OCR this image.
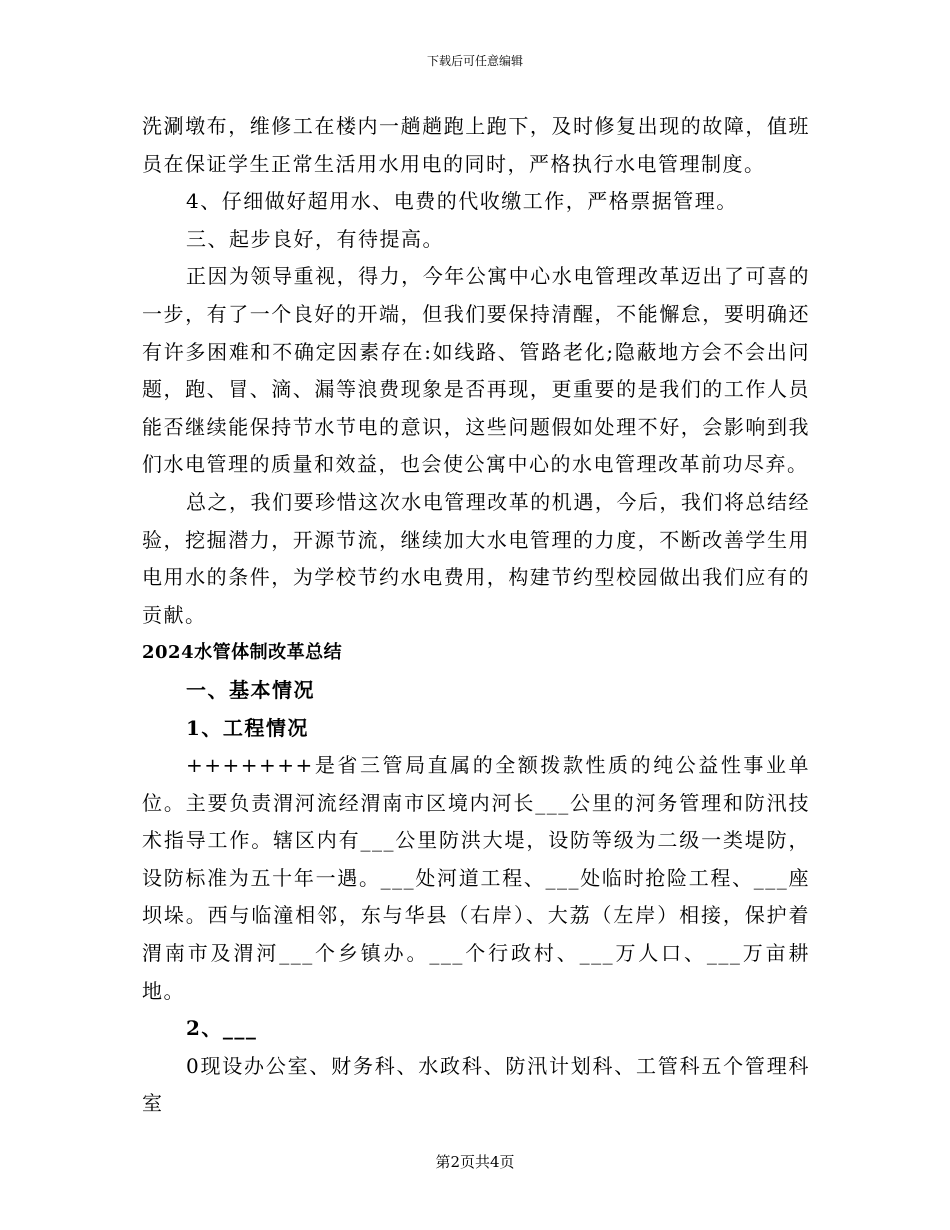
下载后可任意编辑

洗涮墩布，维修工在楼内一趟趟跑上跑下，及时修复出现的故障，值班员在保证学生正常生活用水用电的同时，严格执行水电管理制度。

4、仔细做好超用水、电费的代收缴工作，严格票据管理。

三、起步良好，有待提高。

正因为领导重视，得力，今年公寓中心水电管理改革迈出了可喜的一步，有了一个良好的开端，但我们要保持清醒，不能懈怠，要明确还有许多困难和不确定因素存在:如线路、管路老化;隐蔽地方会不会出问题，跑、冒、滴、漏等浪费现象是否再现，更重要的是我们的工作人员能否继续能保持节水节电的意识，这些问题假如处理不好，会影响到我们水电管理的质量和效益，也会使公寓中心的水电管理改革前功尽弃。

总之，我们要珍惜这次水电管理改革的机遇，今后，我们将总结经验，挖掘潜力，开源节流，继续加大水电管理的力度，不断改善学生用电用水的条件，为学校节约水电费用，构建节约型校园做出我们应有的贡献。

2024水管体制改革总结

一、基本情况

1、工程情况

+++++++是省三管局直属的全额拨款性质的纯公益性事业单位。主要负责渭河流经渭南市区境内河长___公里的河务管理和防汛技术指导工作。辖区内有___公里防洪大堤，设防等级为二级一类堤防，设防标准为五十年一遇。___处河道工程、___处临时抢险工程、___座坝垛。西与临潼相邻，东与华县（右岸）、大荔（左岸）相接，保护着渭南市及渭河___个乡镇办。___个行政村、___万人口、___万亩耕地。

2、___

0现设办公室、财务科、水政科、防汛计划科、工管科五个管理科室

第2页共4页
